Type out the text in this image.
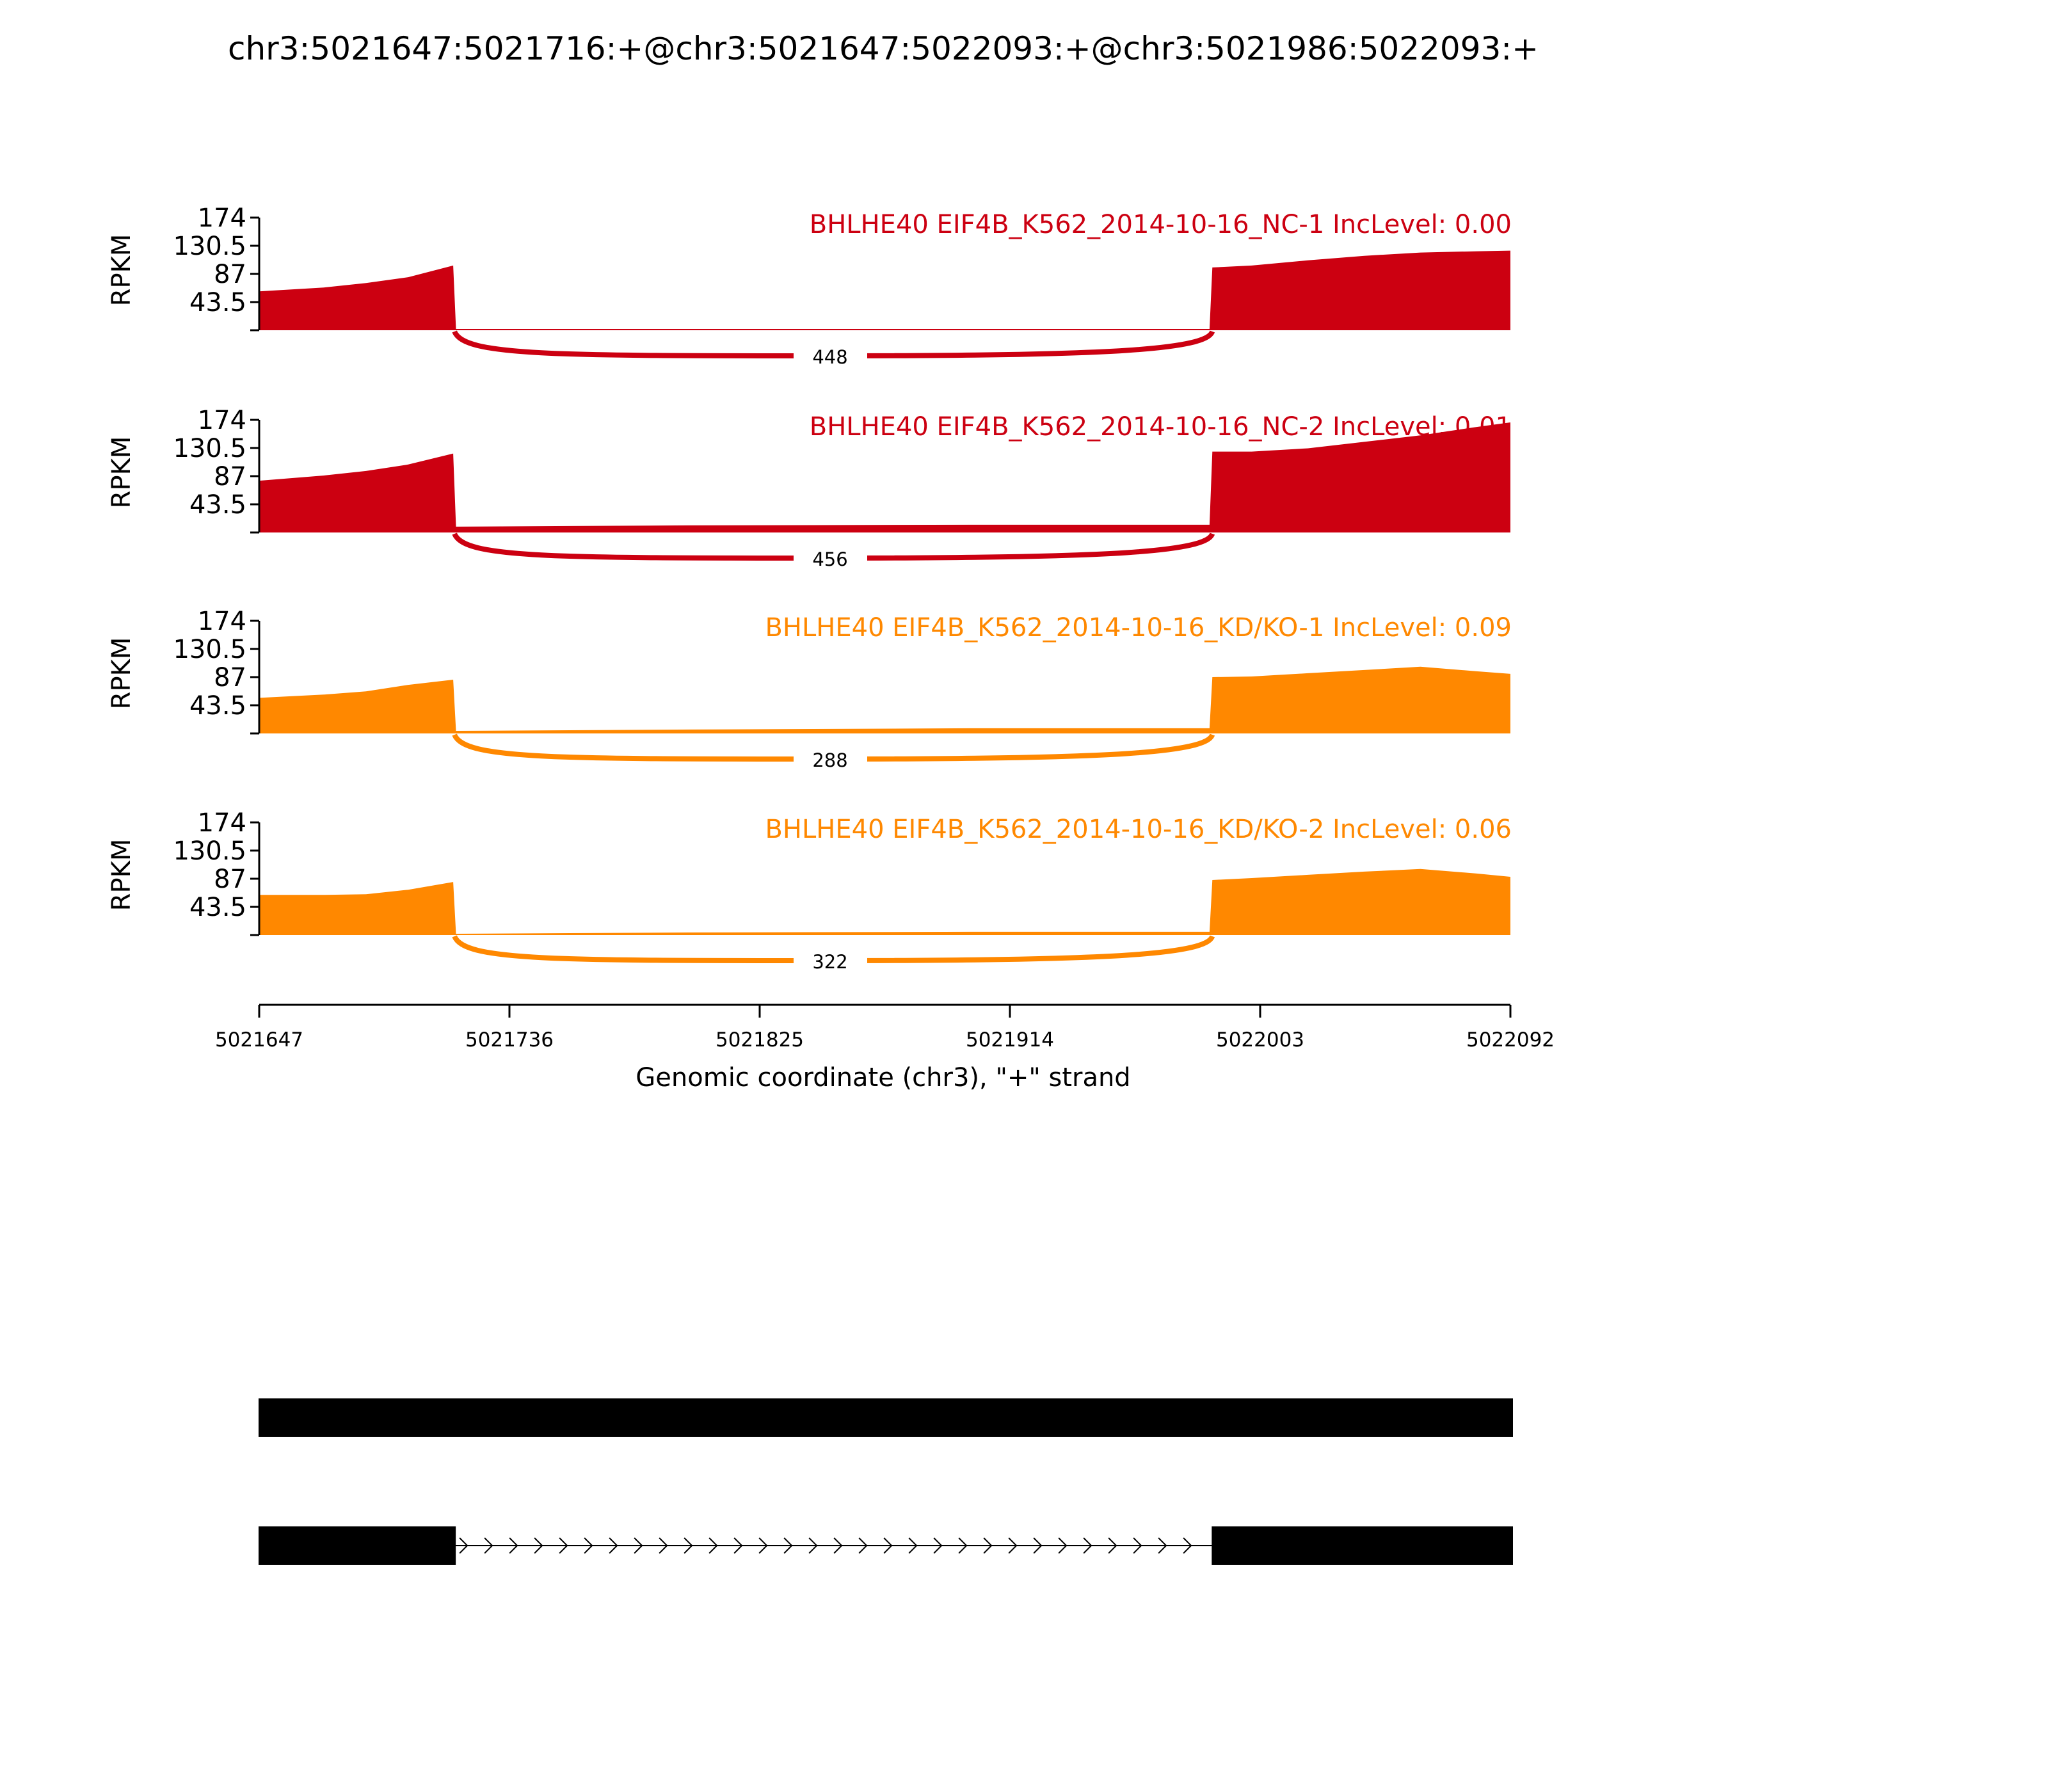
chr3:5021647:5021716:+@chr3:5021647:5022093:+@chr3:5021986:5022093:+
448
43.5
87
130.5
174
RPKM
BHLHE40 EIF4B_K562_2014-10-16_NC-1 IncLevel: 0.00
456
43.5
87
130.5
174
RPKM
BHLHE40 EIF4B_K562_2014-10-16_NC-2 IncLevel: 0.01
288
43.5
87
130.5
174
RPKM
BHLHE40 EIF4B_K562_2014-10-16_KD/KO-1 IncLevel: 0.09
322
43.5
87
130.5
174
RPKM
BHLHE40 EIF4B_K562_2014-10-16_KD/KO-2 IncLevel: 0.06
5021647	5021736	5021825	5021914	5022003	5022092
Genomic coordinate (chr3), "+" strand
